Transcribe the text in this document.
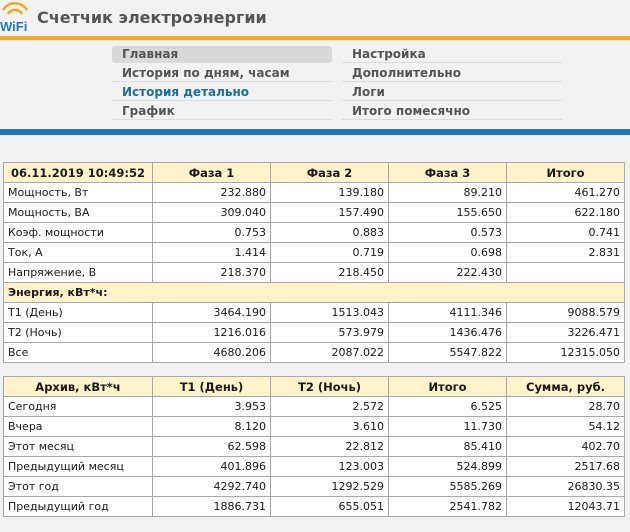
WiFi Счетчик электроэнергии
Главная
История по дням, часам
История детально
График
Настройка
Дополнительно
Логи
Итого помесячно
06.11.2019 10:49:52	Фаза 1	Фаза 2	Фаза 3	Итого
Мощность, Вт	232.880	139.180	89.210	461.270
Мощность, ВА	309.040	157.490	155.650	622.180
Коэф. мощности	0.753	0.883	0.573	0.741
Ток, А	1.414	0.719	0.698	2.831
Напряжение, В	218.370	218.450	222.430	
Энергия, кВт*ч:				
Т1 (День)	3464.190	1513.043	4111.346	9088.579
Т2 (Ночь)	1216.016	573.979	1436.476	3226.471
Все	4680.206	2087.022	5547.822	12315.050
Архив, кВт*ч	Т1 (День)	Т2 (Ночь)	Итого	Сумма, руб.
Сегодня	3.953	2.572	6.525	28.70
Вчера	8.120	3.610	11.730	54.12
Этот месяц	62.598	22.812	85.410	402.70
Предыдущий месяц	401.896	123.003	524.899	2517.68
Этот год	4292.740	1292.529	5585.269	26830.35
Предыдущий год	1886.731	655.051	2541.782	12043.71
